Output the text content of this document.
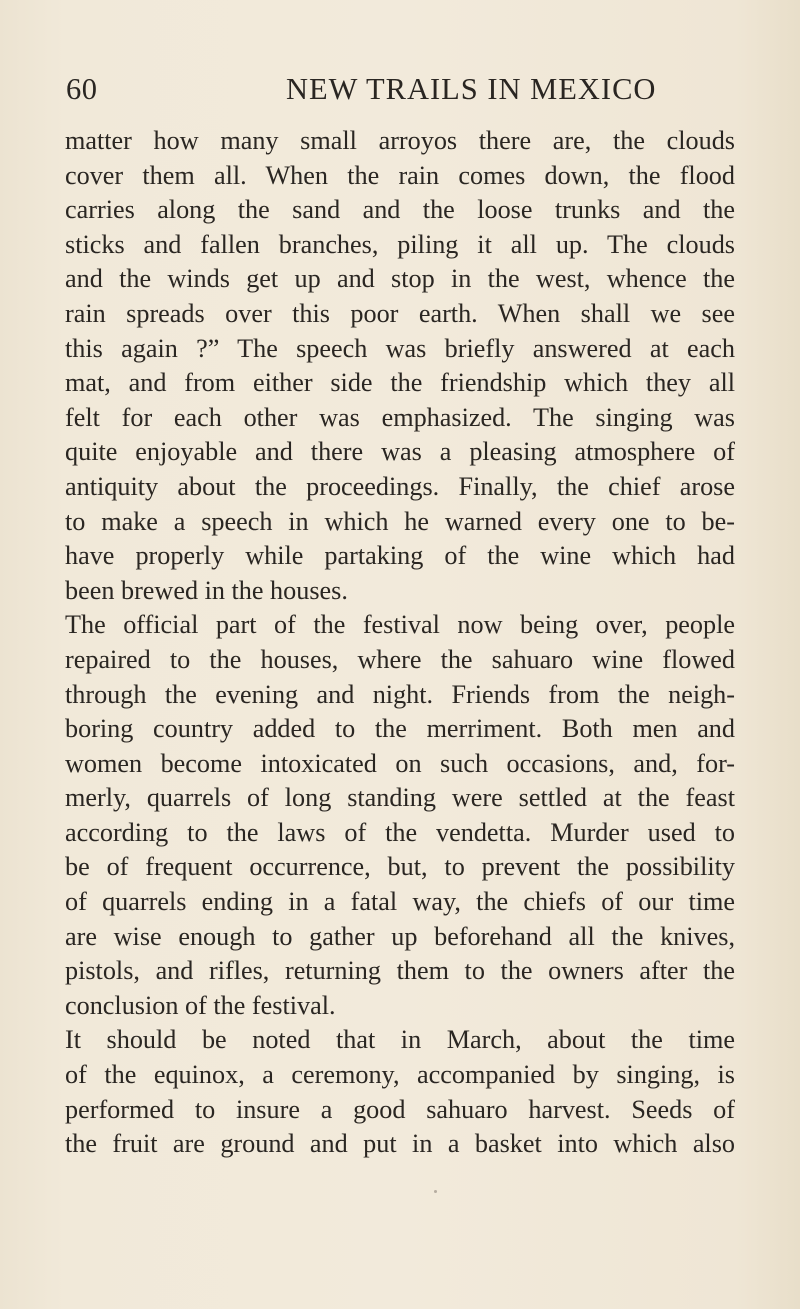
60	NEW TRAILS IN MEXICO
matter how many small arroyos there are, the clouds
cover them all. When the rain comes down, the flood
carries along the sand and the loose trunks and the
sticks and fallen branches, piling it all up. The clouds
and the winds get up and stop in the west, whence the
rain spreads over this poor earth. When shall we see
this again ?” The speech was briefly answered at each
mat, and from either side the friendship which they all
felt for each other was emphasized. The singing was
quite enjoyable and there was a pleasing atmosphere of
antiquity about the proceedings. Finally, the chief arose
to make a speech in which he warned every one to be-
have properly while partaking of the wine which had
been brewed in the houses.
The official part of the festival now being over, people
repaired to the houses, where the sahuaro wine flowed
through the evening and night. Friends from the neigh-
boring country added to the merriment. Both men and
women become intoxicated on such occasions, and, for-
merly, quarrels of long standing were settled at the feast
according to the laws of the vendetta. Murder used to
be of frequent occurrence, but, to prevent the possibility
of quarrels ending in a fatal way, the chiefs of our time
are wise enough to gather up beforehand all the knives,
pistols, and rifles, returning them to the owners after the
conclusion of the festival.
It should be noted that in March, about the time
of the equinox, a ceremony, accompanied by singing, is
performed to insure a good sahuaro harvest. Seeds of
the fruit are ground and put in a basket into which also
